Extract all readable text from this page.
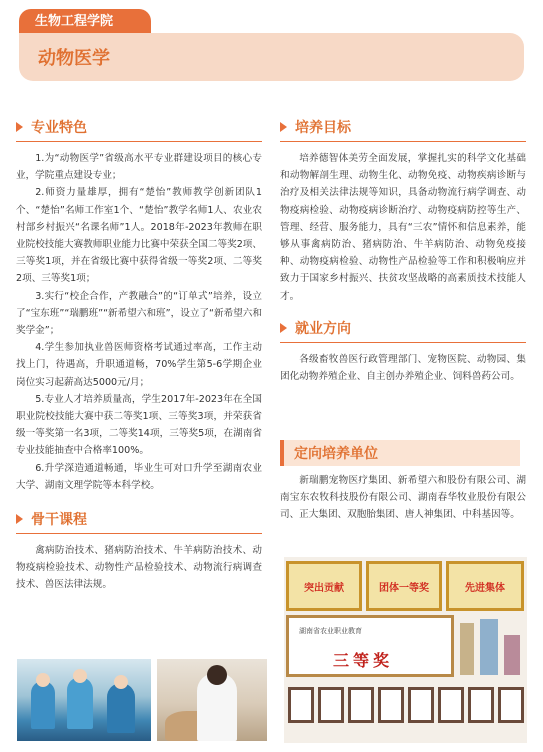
生物工程学院
动物医学
专业特色

1.为“动物医学”省级高水平专业群建设项目的核心专业，学院重点建设专业；

2.师资力量雄厚，拥有“楚怡”教师教学创新团队1个、“楚怡”名师工作室1个、“楚怡”教学名师1人、农业农村部乡村振兴“名课名师”1人。2018年-2023年教师在职业院校技能大赛教师职业能力比赛中荣获全国二等奖2项、三等奖1项，并在省级比赛中获得省级一等奖2项、二等奖2项、三等奖1项；

3.实行“校企合作，产教融合”的“订单式”培养，设立了“宝东班”“瑞鹏班”“新希望六和班”，设立了“新希望六和奖学金”；

4.学生参加执业兽医师资格考试通过率高，工作主动找上门，待遇高，升职通道畅，70%学生第5-6学期企业岗位实习起薪高达5000元/月；

5.专业人才培养质量高，学生2017年-2023年在全国职业院校技能大赛中获二等奖1项、三等奖3项，并荣获省级一等奖第一名3项，二等奖14项，三等奖5项，在湖南省专业技能抽查中合格率100%。

6.升学深造通道畅通，毕业生可对口升学至湖南农业大学、湖南文理学院等本科学校。

骨干课程

禽病防治技术、猪病防治技术、牛羊病防治技术、动物疫病检验技术、动物性产品检验技术、动物流行病调查技术、兽医法律法规。

培养目标

培养德智体美劳全面发展，掌握扎实的科学文化基础和动物解剖生理、动物生化、动物免疫、动物疾病诊断与治疗及相关法律法规等知识，具备动物流行病学调查、动物疫病检验、动物疫病诊断治疗、动物疫病防控等生产、管理、经营、服务能力，具有“三农”情怀和信息素养，能够从事禽病防治、猪病防治、牛羊病防治、动物免疫接种、动物疫病检验、动物性产品检验等工作和积极响应并致力于国家乡村振兴、扶贫攻坚战略的高素质技术技能人才。

就业方向

各级畜牧兽医行政管理部门、宠物医院、动物园、集团化动物养殖企业、自主创办养殖企业、饲料兽药公司。

定向培养单位

新瑞鹏宠物医疗集团、新希望六和股份有限公司、湖南宝东农牧科技股份有限公司、湖南春华牧业股份有限公司、正大集团、双胞胎集团、唐人神集团、中科基因等。

突出贡献	团体一等奖	先进集体
湖南省农业职业教育
三等奖
